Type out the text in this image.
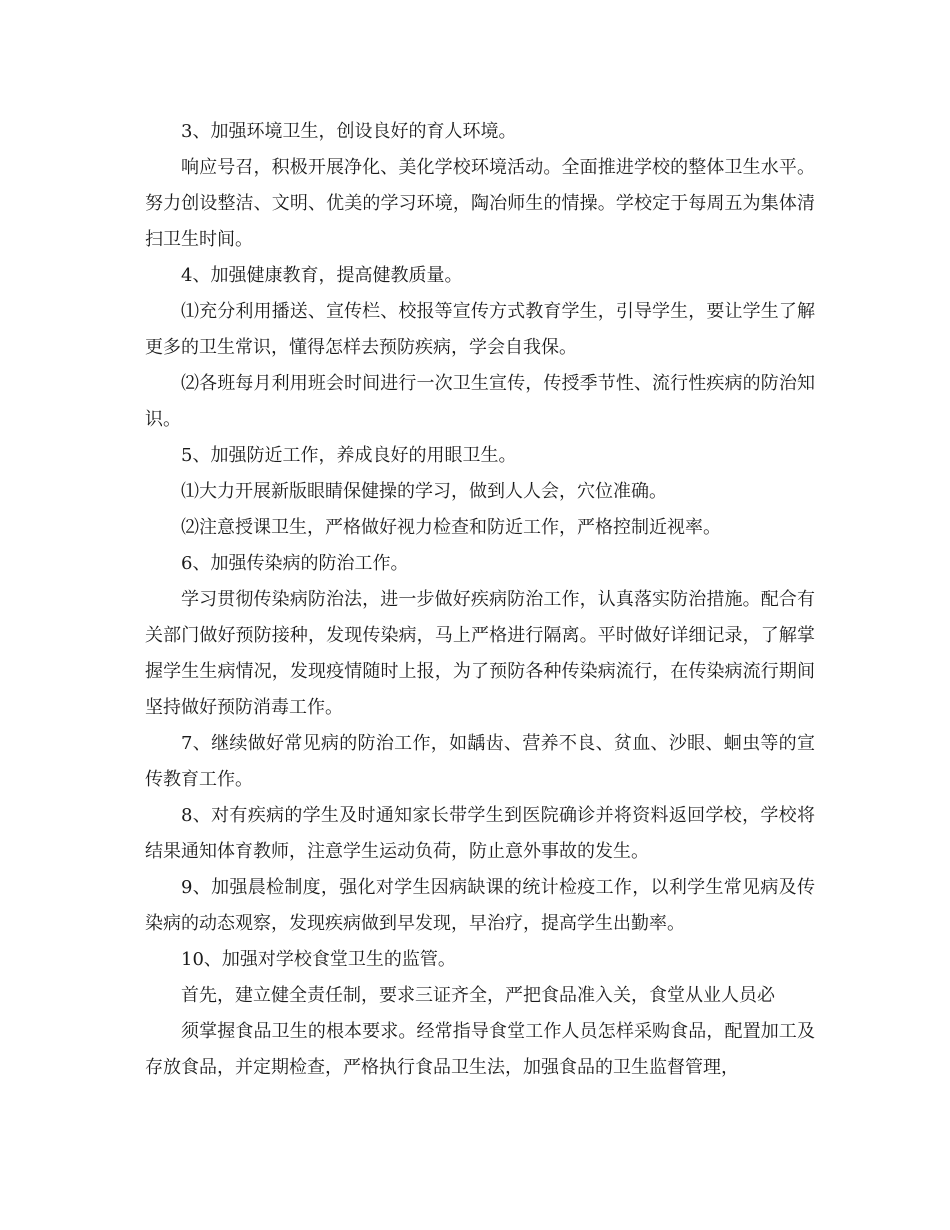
3、加强环境卫生，创设良好的育人环境。

响应号召，积极开展净化、美化学校环境活动。全面推进学校的整体卫生水平。努力创设整洁、文明、优美的学习环境，陶冶师生的情操。学校定于每周五为集体清扫卫生时间。

4、加强健康教育，提高健教质量。

⑴充分利用播送、宣传栏、校报等宣传方式教育学生，引导学生，要让学生了解更多的卫生常识，懂得怎样去预防疾病，学会自我保。

⑵各班每月利用班会时间进行一次卫生宣传，传授季节性、流行性疾病的防治知识。

5、加强防近工作，养成良好的用眼卫生。

⑴大力开展新版眼睛保健操的学习，做到人人会，穴位准确。

⑵注意授课卫生，严格做好视力检查和防近工作，严格控制近视率。

6、加强传染病的防治工作。

学习贯彻传染病防治法，进一步做好疾病防治工作，认真落实防治措施。配合有关部门做好预防接种，发现传染病，马上严格进行隔离。平时做好详细记录，了解掌握学生生病情况，发现疫情随时上报，为了预防各种传染病流行，在传染病流行期间坚持做好预防消毒工作。

7、继续做好常见病的防治工作，如龋齿、营养不良、贫血、沙眼、蛔虫等的宣传教育工作。

8、对有疾病的学生及时通知家长带学生到医院确诊并将资料返回学校，学校将结果通知体育教师，注意学生运动负荷，防止意外事故的发生。

9、加强晨检制度，强化对学生因病缺课的统计检疫工作，以利学生常见病及传染病的动态观察，发现疾病做到早发现，早治疗，提高学生出勤率。

10、加强对学校食堂卫生的监管。

首先，建立健全责任制，要求三证齐全，严把食品准入关，食堂从业人员必

须掌握食品卫生的根本要求。经常指导食堂工作人员怎样采购食品，配置加工及存放食品，并定期检查，严格执行食品卫生法，加强食品的卫生监督管理，
